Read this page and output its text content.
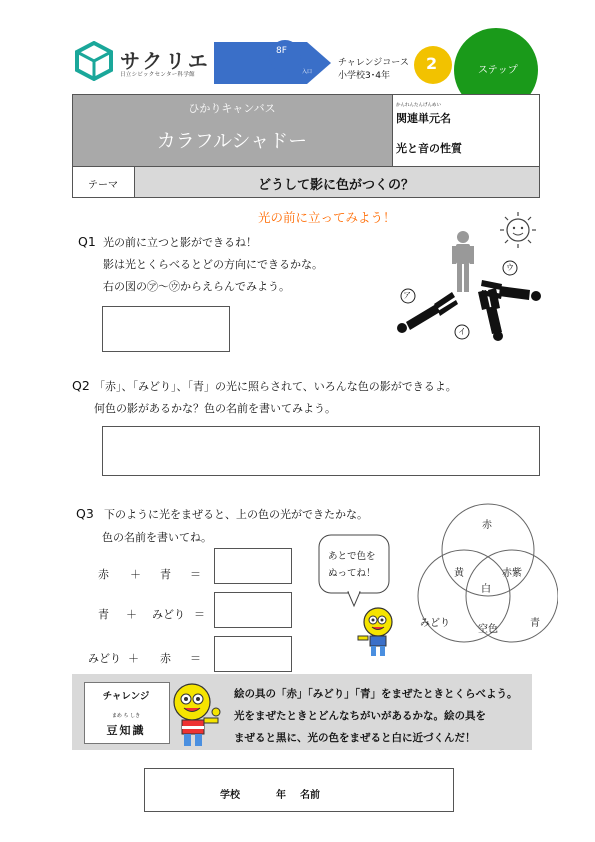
サクリエ
日立シビックセンター科学館
8F
入口
チャレンジコース
小学校3･4年
2	ステップ
ひかりキャンバス
カラフルシャドー
かんれんたんげんめい
関連単元名
光と音の性質
テーマ	どうして影に色がつくの？
光の前に立ってみよう！
Q1 光の前に立つと影ができるね！
影は光とくらべるとどの方向にできるかな。
右の図の㋐～㋒からえらんでみよう。
ア
イ
ウ
Q2 「赤」、「みどり」、「青」の光に照らされて、いろんな色の影ができるよ。
何色の影があるかな？色の名前を書いてみよう。
Q3 下のように光をまぜると、上の色の光ができたかな。
色の名前を書いてね。
赤 ＋ 青 ＝
青 ＋ みどり ＝
みどり ＋ 赤 ＝
あとで色をぬってね！
赤
黄	赤紫
白
みどり
空色
青
チャレンジ
まめ ち しき
豆知識
絵の具の「赤」「みどり」「青」をまぜたときとくらべよう。
光をまぜたときとどんなちがいがあるかな。絵の具を
まぜると黒に、光の色をまぜると白に近づくんだ！
学校	年 名前
